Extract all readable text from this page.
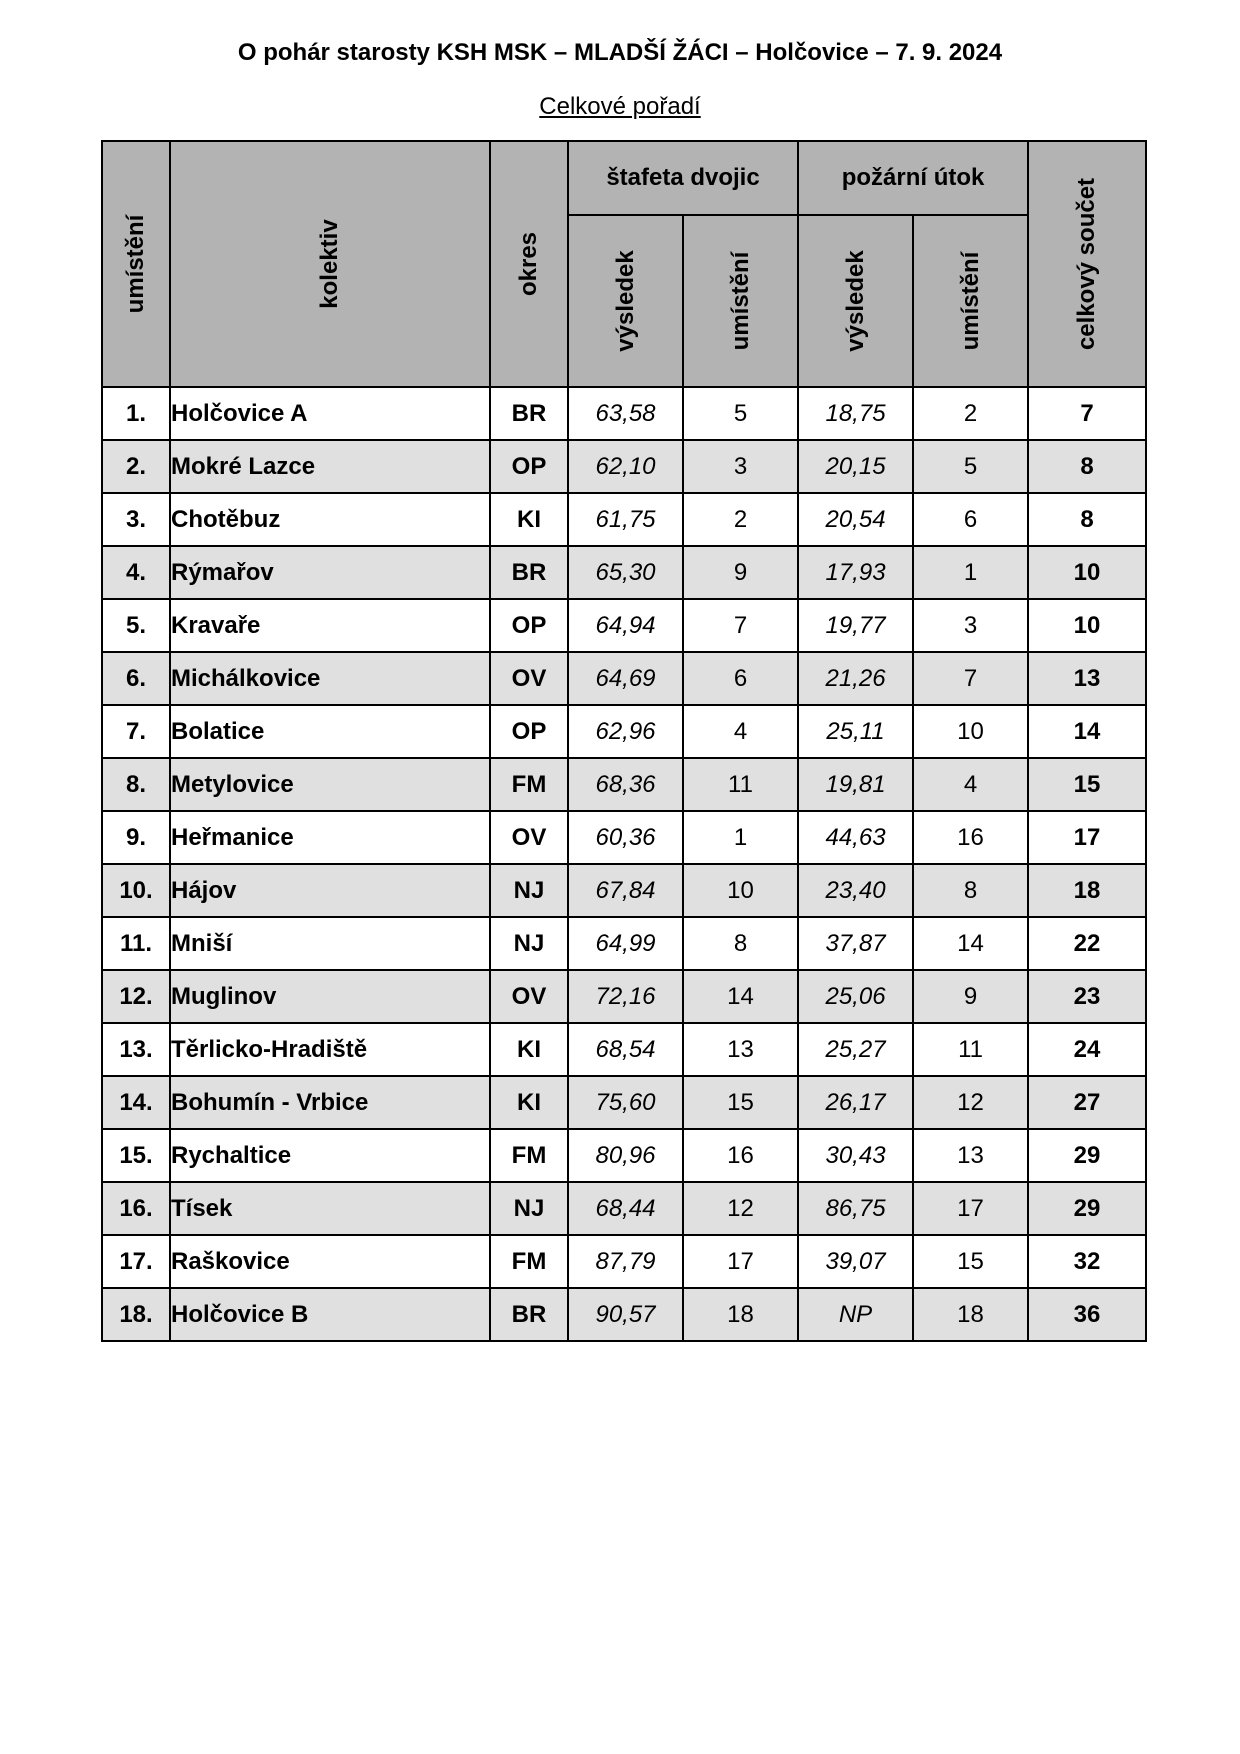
O pohár starosty KSH MSK – MLADŠÍ ŽÁCI – Holčovice – 7. 9. 2024
Celkové pořadí
umístění	kolektiv	okres	štafeta dvojic		požární útok		celkový součet

			výsledek	umístění	výsledek	umístění	

1.	Holčovice A	BR	63,58	5	18,75	2	7
2.	Mokré Lazce	OP	62,10	3	20,15	5	8
3.	Chotěbuz	KI	61,75	2	20,54	6	8
4.	Rýmařov	BR	65,30	9	17,93	1	10
5.	Kravaře	OP	64,94	7	19,77	3	10
6.	Michálkovice	OV	64,69	6	21,26	7	13
7.	Bolatice	OP	62,96	4	25,11	10	14
8.	Metylovice	FM	68,36	11	19,81	4	15
9.	Heřmanice	OV	60,36	1	44,63	16	17
10.	Hájov	NJ	67,84	10	23,40	8	18
11.	Mniší	NJ	64,99	8	37,87	14	22
12.	Muglinov	OV	72,16	14	25,06	9	23
13.	Těrlicko-Hradiště	KI	68,54	13	25,27	11	24
14.	Bohumín - Vrbice	KI	75,60	15	26,17	12	27
15.	Rychaltice	FM	80,96	16	30,43	13	29
16.	Tísek	NJ	68,44	12	86,75	17	29
17.	Raškovice	FM	87,79	17	39,07	15	32
18.	Holčovice B	BR	90,57	18	NP	18	36
